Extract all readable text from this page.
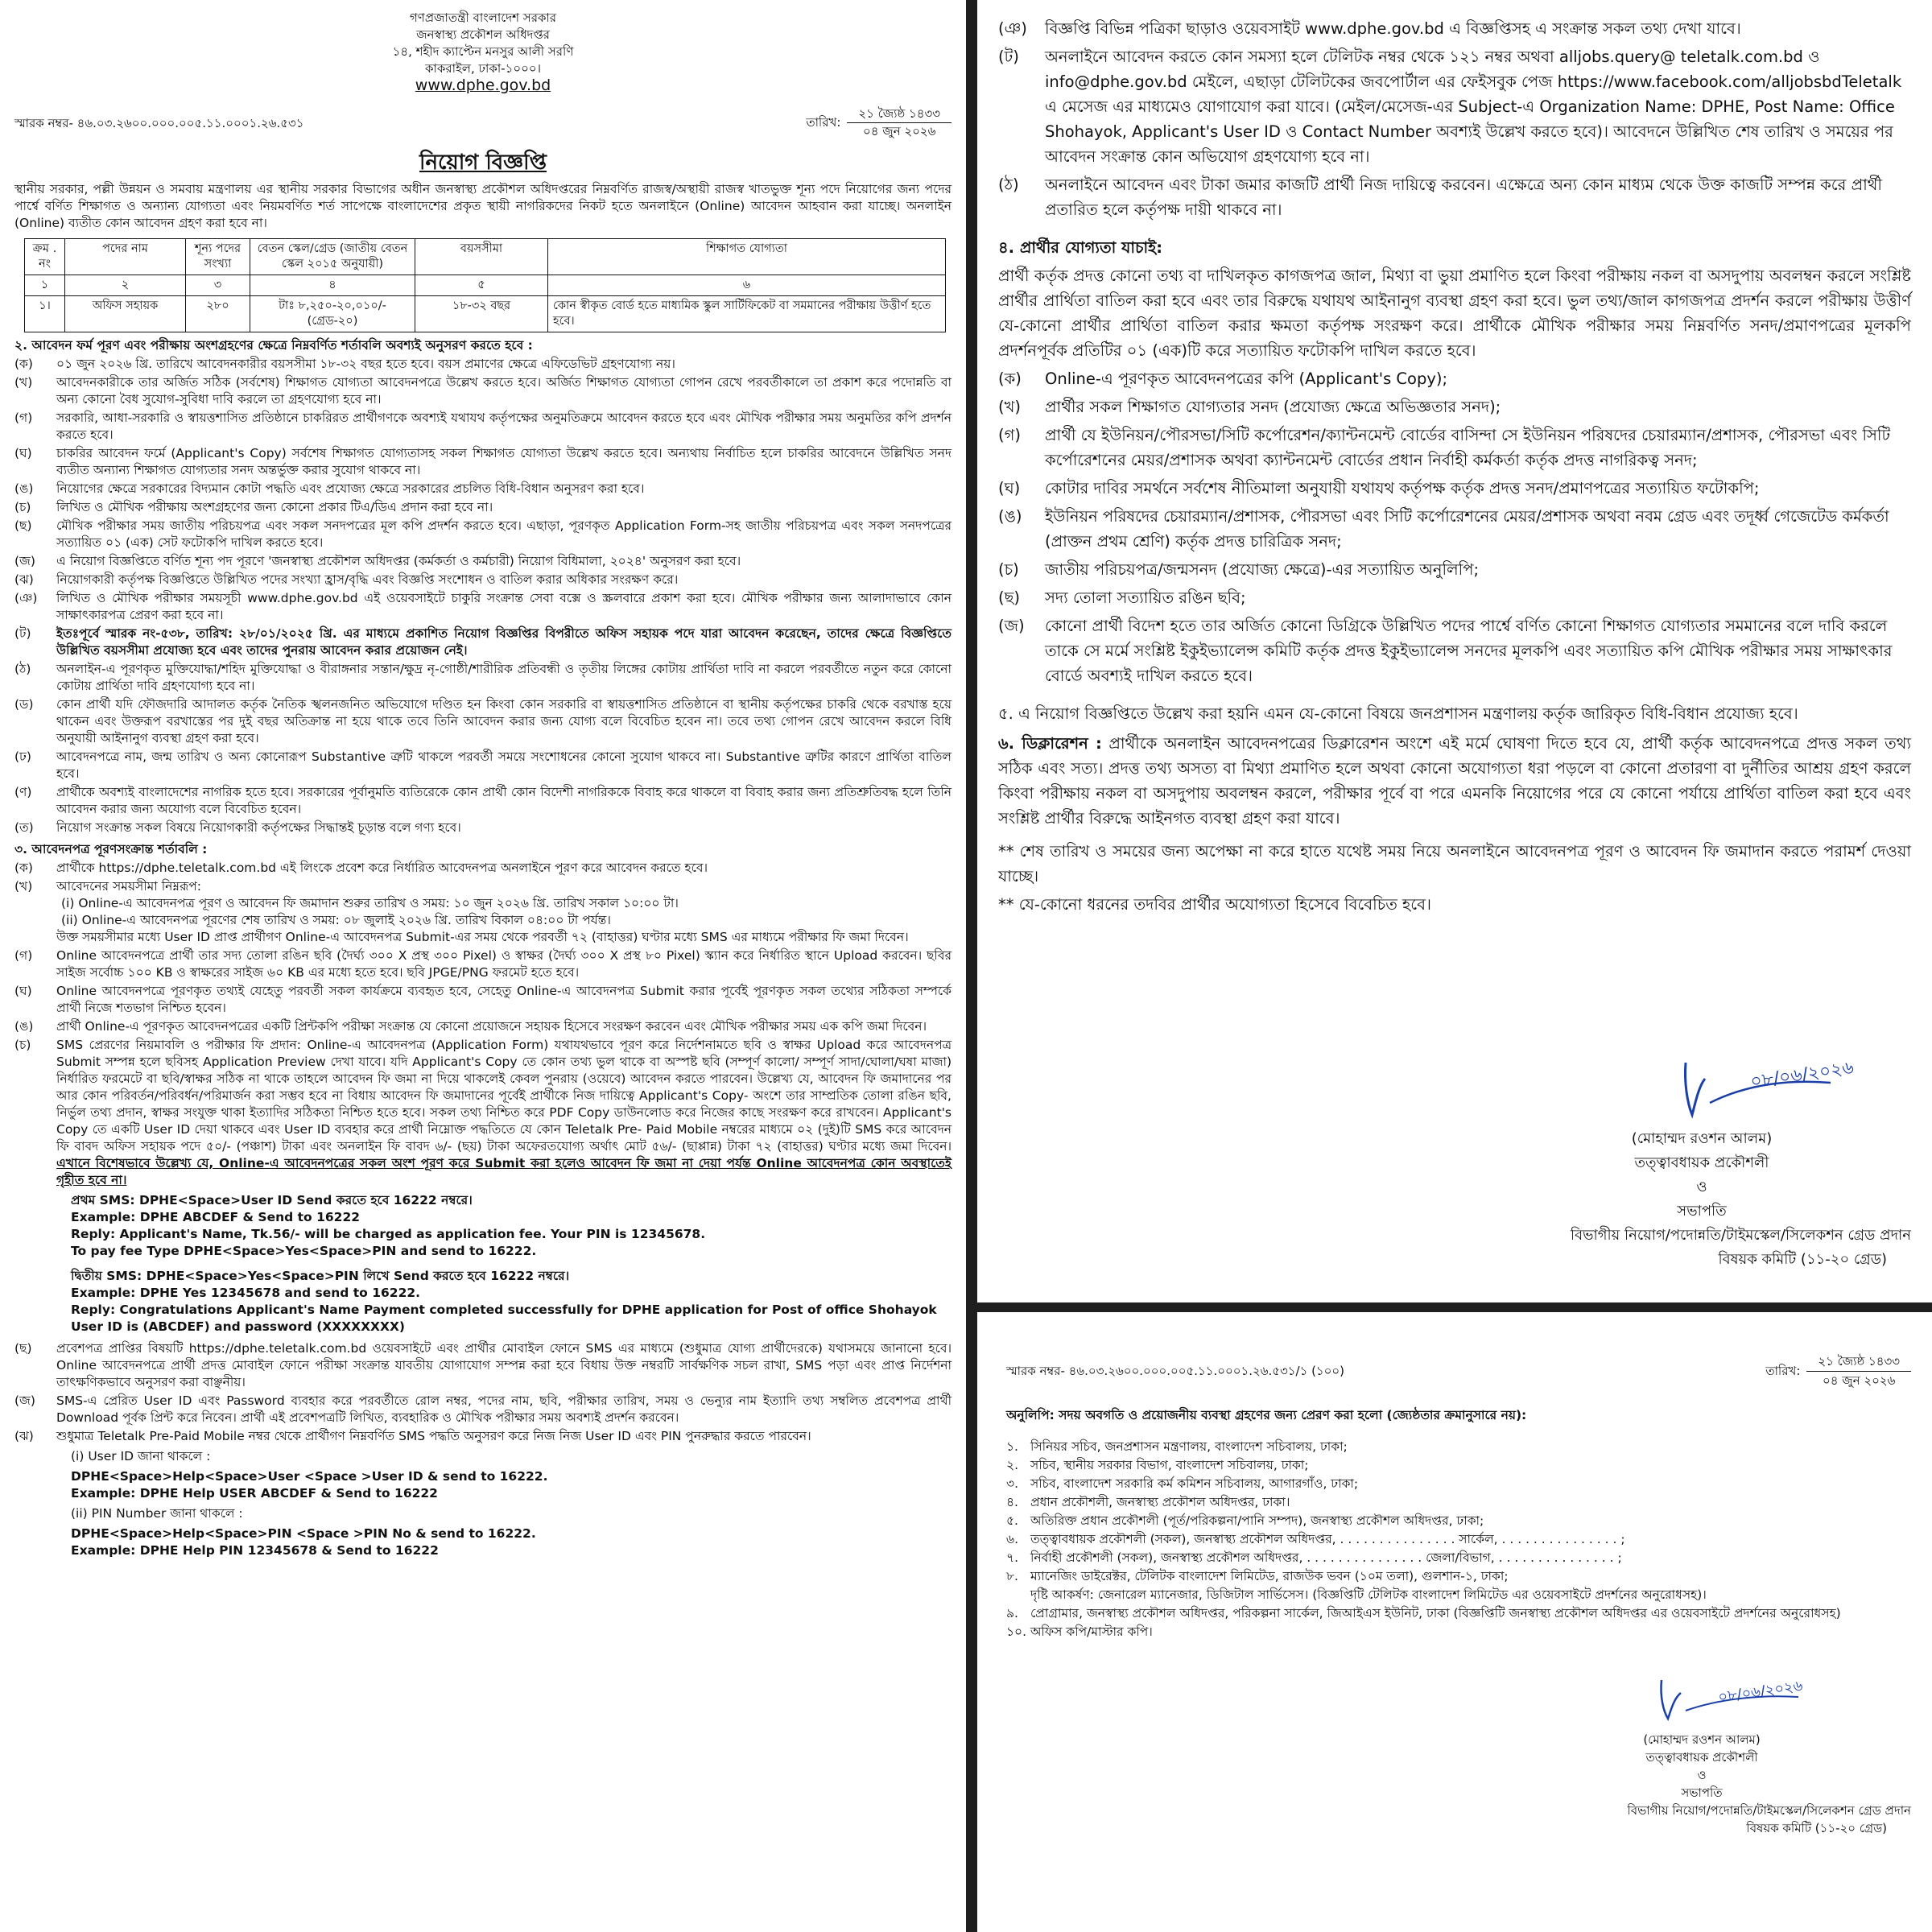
গণপ্রজাতন্ত্রী বাংলাদেশ সরকার
জনস্বাস্থ্য প্রকৌশল অধিদপ্তর
১৪, শহীদ ক্যাপ্টেন মনসুর আলী সরণি
কাকরাইল, ঢাকা-১০০০।
www.dphe.gov.bd
স্মারক নম্বর- ৪৬.০৩.২৬০০.০০০.০০৫.১১.০০০১.২৬.৫৩১	তারিখ:
২১ জ্যৈষ্ঠ ১৪৩৩
০৪ জুন ২০২৬
নিয়োগ বিজ্ঞপ্তি
স্থানীয় সরকার, পল্লী উন্নয়ন ও সমবায় মন্ত্রণালয় এর স্থানীয় সরকার বিভাগের অধীন জনস্বাস্থ্য প্রকৌশল অধিদপ্তরের নিম্নবর্ণিত রাজস্ব/অস্থায়ী রাজস্ব খাতভুক্ত শূন্য পদে নিয়োগের জন্য পদের পার্শ্বে বর্ণিত শিক্ষাগত ও অন্যান্য যোগ্যতা এবং নিয়মবর্ণিত শর্ত সাপেক্ষে বাংলাদেশের প্রকৃত স্থায়ী নাগরিকদের নিকট হতে অনলাইনে (Online) আবেদন আহবান করা যাচ্ছে। অনলাইন (Online) ব্যতীত কোন আবেদন গ্রহণ করা হবে না।
ক্রম . নং	পদের নাম	শূন্য পদের সংখ্যা	বেতন স্কেল/গ্রেড (জাতীয় বেতন স্কেল ২০১৫ অনুযায়ী)	বয়সসীমা	শিক্ষাগত যোগ্যতা
১	২	৩	৪	৫	৬
১।	অফিস সহায়ক	২৮০	টাঃ ৮,২৫০-২০,০১০/- (গ্রেড-২০)	১৮-৩২ বছর	কোন স্বীকৃত বোর্ড হতে মাধ্যমিক স্কুল সার্টিফিকেট বা সমমানের পরীক্ষায় উত্তীর্ণ হতে হবে।
২. আবেদন ফর্ম পূরণ এবং পরীক্ষায় অংশগ্রহণের ক্ষেত্রে নিম্নবর্ণিত শর্তাবলি অবশ্যই অনুসরণ করতে হবে :
(ক)	০১ জুন ২০২৬ খ্রি. তারিখে আবেদনকারীর বয়সসীমা ১৮-৩২ বছর হতে হবে। বয়স প্রমাণের ক্ষেত্রে এফিডেভিট গ্রহণযোগ্য নয়।
(খ)	আবেদনকারীকে তার অর্জিত সঠিক (সর্বশেষ) শিক্ষাগত যোগ্যতা আবেদনপত্রে উল্লেখ করতে হবে। অর্জিত শিক্ষাগত যোগ্যতা গোপন রেখে পরবর্তীকালে তা প্রকাশ করে পদোন্নতি বা অন্য কোনো বৈধ সুযোগ-সুবিধা দাবি করলে তা গ্রহণযোগ্য হবে না।
(গ)	সরকারি, আধা-সরকারি ও স্বায়ত্তশাসিত প্রতিষ্ঠানে চাকরিরত প্রার্থীগণকে অবশ্যই যথাযথ কর্তৃপক্ষের অনুমতিক্রমে আবেদন করতে হবে এবং মৌখিক পরীক্ষার সময় অনুমতির কপি প্রদর্শন করতে হবে।
(ঘ)	চাকরির আবেদন ফর্মে (Applicant's Copy) সর্বশেষ শিক্ষাগত যোগ্যতাসহ সকল শিক্ষাগত যোগ্যতা উল্লেখ করতে হবে। অন্যথায় নির্বাচিত হলে চাকরির আবেদনে উল্লিখিত সনদ ব্যতীত অন্যান্য শিক্ষাগত যোগ্যতার সনদ অন্তর্ভুক্ত করার সুযোগ থাকবে না।
(ঙ)	নিয়োগের ক্ষেত্রে সরকারের বিদ্যমান কোটা পদ্ধতি এবং প্রযোজ্য ক্ষেত্রে সরকারের প্রচলিত বিধি-বিধান অনুসরণ করা হবে।
(চ)	লিখিত ও মৌখিক পরীক্ষায় অংশগ্রহণের জন্য কোনো প্রকার টিএ/ডিএ প্রদান করা হবে না।
(ছ)	মৌখিক পরীক্ষার সময় জাতীয় পরিচয়পত্র এবং সকল সনদপত্রের মূল কপি প্রদর্শন করতে হবে। এছাড়া, পূরণকৃত Application Form-সহ জাতীয় পরিচয়পত্র এবং সকল সনদপত্রের সত্যায়িত ০১ (এক) সেট ফটোকপি দাখিল করতে হবে।
(জ)	এ নিয়োগ বিজ্ঞপ্তিতে বর্ণিত শূন্য পদ পূরণে 'জনস্বাস্থ্য প্রকৌশল অধিদপ্তর (কর্মকর্তা ও কর্মচারী) নিয়োগ বিধিমালা, ২০২৪' অনুসরণ করা হবে।
(ঝ)	নিয়োগকারী কর্তৃপক্ষ বিজ্ঞপ্তিতে উল্লিখিত পদের সংখ্যা হ্রাস/বৃদ্ধি এবং বিজ্ঞপ্তি সংশোধন ও বাতিল করার অধিকার সংরক্ষণ করে।
(ঞ)	লিখিত ও মৌখিক পরীক্ষার সময়সূচী www.dphe.gov.bd এই ওয়েবসাইটে চাকুরি সংক্রান্ত সেবা বক্সে ও স্ক্রলবারে প্রকাশ করা হবে। মৌখিক পরীক্ষার জন্য আলাদাভাবে কোন সাক্ষাৎকারপত্র প্রেরণ করা হবে না।
(ট)	ইতঃপূর্বে স্মারক নং-৫৩৮, তারিখ: ২৮/০১/২০২৫ খ্রি. এর মাধ্যমে প্রকাশিত নিয়োগ বিজ্ঞপ্তির বিপরীতে অফিস সহায়ক পদে যারা আবেদন করেছেন, তাদের ক্ষেত্রে বিজ্ঞপ্তিতে উল্লিখিত বয়সসীমা প্রযোজ্য হবে এবং তাদের পুনরায় আবেদন করার প্রয়োজন নেই।
(ঠ)	অনলাইন-এ পূরণকৃত মুক্তিযোদ্ধা/শহিদ মুক্তিযোদ্ধা ও বীরাঙ্গনার সন্তান/ক্ষুদ্র নৃ-গোষ্ঠী/শারীরিক প্রতিবন্ধী ও তৃতীয় লিঙ্গের কোটায় প্রার্থিতা দাবি না করলে পরবর্তীতে নতুন করে কোনো কোটায় প্রার্থিতা দাবি গ্রহণযোগ্য হবে না।
(ড)	কোন প্রার্থী যদি ফৌজদারি আদালত কর্তৃক নৈতিক স্খলনজনিত অভিযোগে দণ্ডিত হন কিংবা কোন সরকারি বা স্বায়ত্তশাসিত প্রতিষ্ঠানে বা স্থানীয় কর্তৃপক্ষের চাকরি থেকে বরখাস্ত হয়ে থাকেন এবং উক্তরূপ বরখাস্তের পর দুই বছর অতিক্রান্ত না হয়ে থাকে তবে তিনি আবেদন করার জন্য যোগ্য বলে বিবেচিত হবেন না। তবে তথ্য গোপন রেখে আবেদন করলে বিধি অনুযায়ী আইনানুগ ব্যবস্থা গ্রহণ করা হবে।
(ঢ)	আবেদনপত্রে নাম, জন্ম তারিখ ও অন্য কোনোরূপ Substantive ত্রুটি থাকলে পরবর্তী সময়ে সংশোধনের কোনো সুযোগ থাকবে না। Substantive ত্রুটির কারণে প্রার্থিতা বাতিল হবে।
(ণ)	প্রার্থীকে অবশ্যই বাংলাদেশের নাগরিক হতে হবে। সরকারের পূর্বানুমতি ব্যতিরেকে কোন প্রার্থী কোন বিদেশী নাগরিককে বিবাহ করে থাকলে বা বিবাহ করার জন্য প্রতিশ্রুতিবদ্ধ হলে তিনি আবেদন করার জন্য অযোগ্য বলে বিবেচিত হবেন।
(ত)	নিয়োগ সংক্রান্ত সকল বিষয়ে নিয়োগকারী কর্তৃপক্ষের সিদ্ধান্তই চূড়ান্ত বলে গণ্য হবে।
৩. আবেদনপত্র পূরণসংক্রান্ত শর্তাবলি :
(ক)	প্রার্থীকে https://dphe.teletalk.com.bd এই লিংকে প্রবেশ করে নির্ধারিত আবেদনপত্র অনলাইনে পূরণ করে আবেদন করতে হবে।
(খ)	আবেদনের সময়সীমা নিম্নরূপ:
(i) Online-এ আবেদনপত্র পূরণ ও আবেদন ফি জমাদান শুরুর তারিখ ও সময়: ১০ জুন ২০২৬ খ্রি. তারিখ সকাল ১০:০০ টা।
(ii) Online-এ আবেদনপত্র পূরণের শেষ তারিখ ও সময়: ০৮ জুলাই ২০২৬ খ্রি. তারিখ বিকাল ০৪:০০ টা পর্যন্ত।
উক্ত সময়সীমার মধ্যে User ID প্রাপ্ত প্রার্থীগণ Online-এ আবেদনপত্র Submit-এর সময় থেকে পরবর্তী ৭২ (বাহাত্তর) ঘণ্টার মধ্যে SMS এর মাধ্যমে পরীক্ষার ফি জমা দিবেন।
(গ)	Online আবেদনপত্রে প্রার্থী তার সদ্য তোলা রঙিন ছবি (দৈর্ঘ্য ৩০০ X প্রস্থ ৩০০ Pixel) ও স্বাক্ষর (দৈর্ঘ্য ৩০০ X প্রস্থ ৮০ Pixel) স্ক্যান করে নির্ধারিত স্থানে Upload করবেন। ছবির সাইজ সর্বোচ্চ ১০০ KB ও স্বাক্ষরের সাইজ ৬০ KB এর মধ্যে হতে হবে। ছবি JPGE/PNG ফরমেট হতে হবে।
(ঘ)	Online আবেদনপত্রে পূরণকৃত তথ্যই যেহেতু পরবর্তী সকল কার্যক্রমে ব্যবহৃত হবে, সেহেতু Online-এ আবেদনপত্র Submit করার পূর্বেই পূরণকৃত সকল তথ্যের সঠিকতা সম্পর্কে প্রার্থী নিজে শতভাগ নিশ্চিত হবেন।
(ঙ)	প্রার্থী Online-এ পূরণকৃত আবেদনপত্রের একটি প্রিন্টকপি পরীক্ষা সংক্রান্ত যে কোনো প্রয়োজনে সহায়ক হিসেবে সংরক্ষণ করবেন এবং মৌখিক পরীক্ষার সময় এক কপি জমা দিবেন।
(চ)	SMS প্রেরণের নিয়মাবলি ও পরীক্ষার ফি প্রদান: Online-এ আবেদনপত্র (Application Form) যথাযথভাবে পূরণ করে নির্দেশনামতে ছবি ও স্বাক্ষর Upload করে আবেদনপত্র Submit সম্পন্ন হলে ছবিসহ Application Preview দেখা যাবে। যদি Applicant's Copy তে কোন তথ্য ভুল থাকে বা অস্পষ্ট ছবি (সম্পূর্ণ কালো/ সম্পূর্ণ সাদা/ঘোলা/ঘষা মাজা) নির্ধারিত ফরমেটে বা ছবি/স্বাক্ষর সঠিক না থাকে তাহলে আবেদন ফি জমা না দিয়ে থাকলেই কেবল পুনরায় (ওয়েবে) আবেদন করতে পারবেন। উল্লেখ্য যে, আবেদন ফি জমাদানের পর আর কোন পরিবর্তন/পরিবর্ধন/পরিমার্জন করা সম্ভব হবে না বিধায় আবেদন ফি জমাদানের পূর্বেই প্রার্থীকে নিজ দায়িত্বে Applicant's Copy- অংশে তার সাম্প্রতিক তোলা রঙিন ছবি, নির্ভুল তথ্য প্রদান, স্বাক্ষর সংযুক্ত থাকা ইত্যাদির সঠিকতা নিশ্চিত হতে হবে। সকল তথ্য নিশ্চিত করে PDF Copy ডাউনলোড করে নিজের কাছে সংরক্ষণ করে রাখবেন। Applicant's Copy তে একটি User ID দেয়া থাকবে এবং User ID ব্যবহার করে প্রার্থী নিম্নোক্ত পদ্ধতিতে যে কোন Teletalk Pre- Paid Mobile নম্বরের মাধ্যমে ০২ (দুই)টি SMS করে আবেদন ফি বাবদ অফিস সহায়ক পদে ৫০/- (পঞ্চাশ) টাকা এবং অনলাইন ফি বাবদ ৬/- (ছয়) টাকা অফেরতযোগ্য অর্থাৎ মোট ৫৬/- (ছাপ্পান্ন) টাকা ৭২ (বাহাত্তর) ঘণ্টার মধ্যে জমা দিবেন। এখানে বিশেষভাবে উল্লেখ্য যে, Online-এ আবেদনপত্রের সকল অংশ পূরণ করে Submit করা হলেও আবেদন ফি জমা না দেয়া পর্যন্ত Online আবেদনপত্র কোন অবস্থাতেই গৃহীত হবে না।
প্রথম SMS: DPHE<Space>User ID Send করতে হবে 16222 নম্বরে।
Example: DPHE ABCDEF & Send to 16222
Reply: Applicant's Name, Tk.56/- will be charged as application fee. Your PIN is 12345678.
To pay fee Type DPHE<Space>Yes<Space>PIN and send to 16222.
দ্বিতীয় SMS: DPHE<Space>Yes<Space>PIN লিখে Send করতে হবে 16222 নম্বরে।
Example: DPHE Yes 12345678 and send to 16222.
Reply: Congratulations Applicant's Name Payment completed successfully for DPHE application for Post of office Shohayok User ID is (ABCDEF) and password (XXXXXXXX)
(ছ)	প্রবেশপত্র প্রাপ্তির বিষয়টি https://dphe.teletalk.com.bd ওয়েবসাইটে এবং প্রার্থীর মোবাইল ফোনে SMS এর মাধ্যমে (শুধুমাত্র যোগ্য প্রার্থীদেরকে) যথাসময়ে জানানো হবে। Online আবেদনপত্রে প্রার্থী প্রদত্ত মোবাইল ফোনে পরীক্ষা সংক্রান্ত যাবতীয় যোগাযোগ সম্পন্ন করা হবে বিধায় উক্ত নম্বরটি সার্বক্ষণিক সচল রাখা, SMS পড়া এবং প্রাপ্ত নির্দেশনা তাৎক্ষণিকভাবে অনুসরণ করা বাঞ্ছনীয়।
(জ)	SMS-এ প্রেরিত User ID এবং Password ব্যবহার করে পরবর্তীতে রোল নম্বর, পদের নাম, ছবি, পরীক্ষার তারিখ, সময় ও ভেন্যুর নাম ইত্যাদি তথ্য সম্বলিত প্রবেশপত্র প্রার্থী Download পূর্বক প্রিন্ট করে নিবেন। প্রার্থী এই প্রবেশপত্রটি লিখিত, ব্যবহারিক ও মৌখিক পরীক্ষার সময় অবশ্যই প্রদর্শন করবেন।
(ঝ)	শুধুমাত্র Teletalk Pre-Paid Mobile নম্বর থেকে প্রার্থীগণ নিম্নবর্ণিত SMS পদ্ধতি অনুসরণ করে নিজ নিজ User ID এবং PIN পুনরুদ্ধার করতে পারবেন।
(i) User ID জানা থাকলে :
DPHE<Space>Help<Space>User <Space >User ID & send to 16222.
Example: DPHE Help USER ABCDEF & Send to 16222
(ii) PIN Number জানা থাকলে :
DPHE<Space>Help<Space>PIN <Space >PIN No & send to 16222.
Example: DPHE Help PIN 12345678 & Send to 16222
(ঞ)	বিজ্ঞপ্তি বিভিন্ন পত্রিকা ছাড়াও ওয়েবসাইট www.dphe.gov.bd এ বিজ্ঞপ্তিসহ এ সংক্রান্ত সকল তথ্য দেখা যাবে।
(ট)	অনলাইনে আবেদন করতে কোন সমস্যা হলে টেলিটক নম্বর থেকে ১২১ নম্বর অথবা alljobs.query@ teletalk.com.bd ও info@dphe.gov.bd মেইলে, এছাড়া টেলিটকের জবপোর্টাল এর ফেইসবুক পেজ https://www.facebook.com/alljobsbdTeletalk এ মেসেজ এর মাধ্যমেও যোগাযোগ করা যাবে। (মেইল/মেসেজ-এর Subject-এ Organization Name: DPHE, Post Name: Office Shohayok, Applicant's User ID ও Contact Number অবশ্যই উল্লেখ করতে হবে)। আবেদনে উল্লিখিত শেষ তারিখ ও সময়ের পর আবেদন সংক্রান্ত কোন অভিযোগ গ্রহণযোগ্য হবে না।
(ঠ)	অনলাইনে আবেদন এবং টাকা জমার কাজটি প্রার্থী নিজ দায়িত্বে করবেন। এক্ষেত্রে অন্য কোন মাধ্যম থেকে উক্ত কাজটি সম্পন্ন করে প্রার্থী প্রতারিত হলে কর্তৃপক্ষ দায়ী থাকবে না।
৪. প্রার্থীর যোগ্যতা যাচাই:
প্রার্থী কর্তৃক প্রদত্ত কোনো তথ্য বা দাখিলকৃত কাগজপত্র জাল, মিথ্যা বা ভুয়া প্রমাণিত হলে কিংবা পরীক্ষায় নকল বা অসদুপায় অবলম্বন করলে সংশ্লিষ্ট প্রার্থীর প্রার্থিতা বাতিল করা হবে এবং তার বিরুদ্ধে যথাযথ আইনানুগ ব্যবস্থা গ্রহণ করা হবে। ভুল তথ্য/জাল কাগজপত্র প্রদর্শন করলে পরীক্ষায় উত্তীর্ণ যে-কোনো প্রার্থীর প্রার্থিতা বাতিল করার ক্ষমতা কর্তৃপক্ষ সংরক্ষণ করে। প্রার্থীকে মৌখিক পরীক্ষার সময় নিম্নবর্ণিত সনদ/প্রমাণপত্রের মূলকপি প্রদর্শনপূর্বক প্রতিটির ০১ (এক)টি করে সত্যায়িত ফটোকপি দাখিল করতে হবে।
(ক)	Online-এ পূরণকৃত আবেদনপত্রের কপি (Applicant's Copy);
(খ)	প্রার্থীর সকল শিক্ষাগত যোগ্যতার সনদ (প্রযোজ্য ক্ষেত্রে অভিজ্ঞতার সনদ);
(গ)	প্রার্থী যে ইউনিয়ন/পৌরসভা/সিটি কর্পোরেশন/ক্যান্টনমেন্ট বোর্ডের বাসিন্দা সে ইউনিয়ন পরিষদের চেয়ারম্যান/প্রশাসক, পৌরসভা এবং সিটি কর্পোরেশনের মেয়র/প্রশাসক অথবা ক্যান্টনমেন্ট বোর্ডের প্রধান নির্বাহী কর্মকর্তা কর্তৃক প্রদত্ত নাগরিকত্ব সনদ;
(ঘ)	কোটার দাবির সমর্থনে সর্বশেষ নীতিমালা অনুযায়ী যথাযথ কর্তৃপক্ষ কর্তৃক প্রদত্ত সনদ/প্রমাণপত্রের সত্যায়িত ফটোকপি;
(ঙ)	ইউনিয়ন পরিষদের চেয়ারম্যান/প্রশাসক, পৌরসভা এবং সিটি কর্পোরেশনের মেয়র/প্রশাসক অথবা নবম গ্রেড এবং তদূর্ধ্ব গেজেটেড কর্মকর্তা (প্রাক্তন প্রথম শ্রেণি) কর্তৃক প্রদত্ত চারিত্রিক সনদ;
(চ)	জাতীয় পরিচয়পত্র/জন্মসনদ (প্রযোজ্য ক্ষেত্রে)-এর সত্যায়িত অনুলিপি;
(ছ)	সদ্য তোলা সত্যায়িত রঙিন ছবি;
(জ)	কোনো প্রার্থী বিদেশ হতে তার অর্জিত কোনো ডিগ্রিকে উল্লিখিত পদের পার্শ্বে বর্ণিত কোনো শিক্ষাগত যোগ্যতার সমমানের বলে দাবি করলে তাকে সে মর্মে সংশ্লিষ্ট ইকুইভ্যালেন্স কমিটি কর্তৃক প্রদত্ত ইকুইভ্যালেন্স সনদের মূলকপি এবং সত্যায়িত কপি মৌখিক পরীক্ষার সময় সাক্ষাৎকার বোর্ডে অবশ্যই দাখিল করতে হবে।
৫. এ নিয়োগ বিজ্ঞপ্তিতে উল্লেখ করা হয়নি এমন যে-কোনো বিষয়ে জনপ্রশাসন মন্ত্রণালয় কর্তৃক জারিকৃত বিধি-বিধান প্রযোজ্য হবে।
৬. ডিক্লারেশন : প্রার্থীকে অনলাইন আবেদনপত্রের ডিক্লারেশন অংশে এই মর্মে ঘোষণা দিতে হবে যে, প্রার্থী কর্তৃক আবেদনপত্রে প্রদত্ত সকল তথ্য সঠিক এবং সত্য। প্রদত্ত তথ্য অসত্য বা মিথ্যা প্রমাণিত হলে অথবা কোনো অযোগ্যতা ধরা পড়লে বা কোনো প্রতারণা বা দুর্নীতির আশ্রয় গ্রহণ করলে কিংবা পরীক্ষায় নকল বা অসদুপায় অবলম্বন করলে, পরীক্ষার পূর্বে বা পরে এমনকি নিয়োগের পরে যে কোনো পর্যায়ে প্রার্থিতা বাতিল করা হবে এবং সংশ্লিষ্ট প্রার্থীর বিরুদ্ধে আইনগত ব্যবস্থা গ্রহণ করা যাবে।
** শেষ তারিখ ও সময়ের জন্য অপেক্ষা না করে হাতে যথেষ্ট সময় নিয়ে অনলাইনে আবেদনপত্র পূরণ ও আবেদন ফি জমাদান করতে পরামর্শ দেওয়া যাচ্ছে।
** যে-কোনো ধরনের তদবির প্রার্থীর অযোগ্যতা হিসেবে বিবেচিত হবে।
০৮/০৬/২০২৬
(মোহাম্মদ রওশন আলম)
তত্ত্বাবধায়ক প্রকৌশলী
ও
সভাপতি
বিভাগীয় নিয়োগ/পদোন্নতি/টাইমস্কেল/সিলেকশন গ্রেড প্রদান
বিষয়ক কমিটি (১১-২০ গ্রেড)
স্মারক নম্বর- ৪৬.০৩.২৬০০.০০০.০০৫.১১.০০০১.২৬.৫৩১/১ (১০০)	তারিখ:
২১ জ্যৈষ্ঠ ১৪৩৩
০৪ জুন ২০২৬
অনুলিপি: সদয় অবগতি ও প্রয়োজনীয় ব্যবস্থা গ্রহণের জন্য প্রেরণ করা হলো (জ্যেষ্ঠতার ক্রমানুসারে নয়):
১. সিনিয়র সচিব, জনপ্রশাসন মন্ত্রণালয়, বাংলাদেশ সচিবালয়, ঢাকা;
২. সচিব, স্থানীয় সরকার বিভাগ, বাংলাদেশ সচিবালয়, ঢাকা;
৩. সচিব, বাংলাদেশ সরকারি কর্ম কমিশন সচিবালয়, আগারগাঁও, ঢাকা;
৪. প্রধান প্রকৌশলী, জনস্বাস্থ্য প্রকৌশল অধিদপ্তর, ঢাকা।
৫. অতিরিক্ত প্রধান প্রকৌশলী (পূর্ত/পরিকল্পনা/পানি সম্পদ), জনস্বাস্থ্য প্রকৌশল অধিদপ্তর, ঢাকা;
৬. তত্ত্বাবধায়ক প্রকৌশলী (সকল), জনস্বাস্থ্য প্রকৌশল অধিদপ্তর, . . . . . . . . . . . . . . . সার্কেল, . . . . . . . . . . . . . . . ;
৭. নির্বাহী প্রকৌশলী (সকল), জনস্বাস্থ্য প্রকৌশল অধিদপ্তর, . . . . . . . . . . . . . . . জেলা/বিভাগ, . . . . . . . . . . . . . . . ;
৮. ম্যানেজিং ডাইরেক্টর, টেলিটক বাংলাদেশ লিমিটেড, রাজউক ভবন (১০ম তলা), গুলশান-১, ঢাকা;
দৃষ্টি আকর্ষণ: জেনারেল ম্যানেজার, ডিজিটাল সার্ভিসেস। (বিজ্ঞপ্তিটি টেলিটক বাংলাদেশ লিমিটেড এর ওয়েবসাইটে প্রদর্শনের অনুরোধসহ)।
৯. প্রোগ্রামার, জনস্বাস্থ্য প্রকৌশল অধিদপ্তর, পরিকল্পনা সার্কেল, জিআইএস ইউনিট, ঢাকা (বিজ্ঞপ্তিটি জনস্বাস্থ্য প্রকৌশল অধিদপ্তর এর ওয়েবসাইটে প্রদর্শনের অনুরোধসহ)
১০. অফিস কপি/মাস্টার কপি।
০৮/০৬/২০২৬
(মোহাম্মদ রওশন আলম)
তত্ত্বাবধায়ক প্রকৌশলী
ও
সভাপতি
বিভাগীয় নিয়োগ/পদোন্নতি/টাইমস্কেল/সিলেকশন গ্রেড প্রদান
বিষয়ক কমিটি (১১-২০ গ্রেড)
